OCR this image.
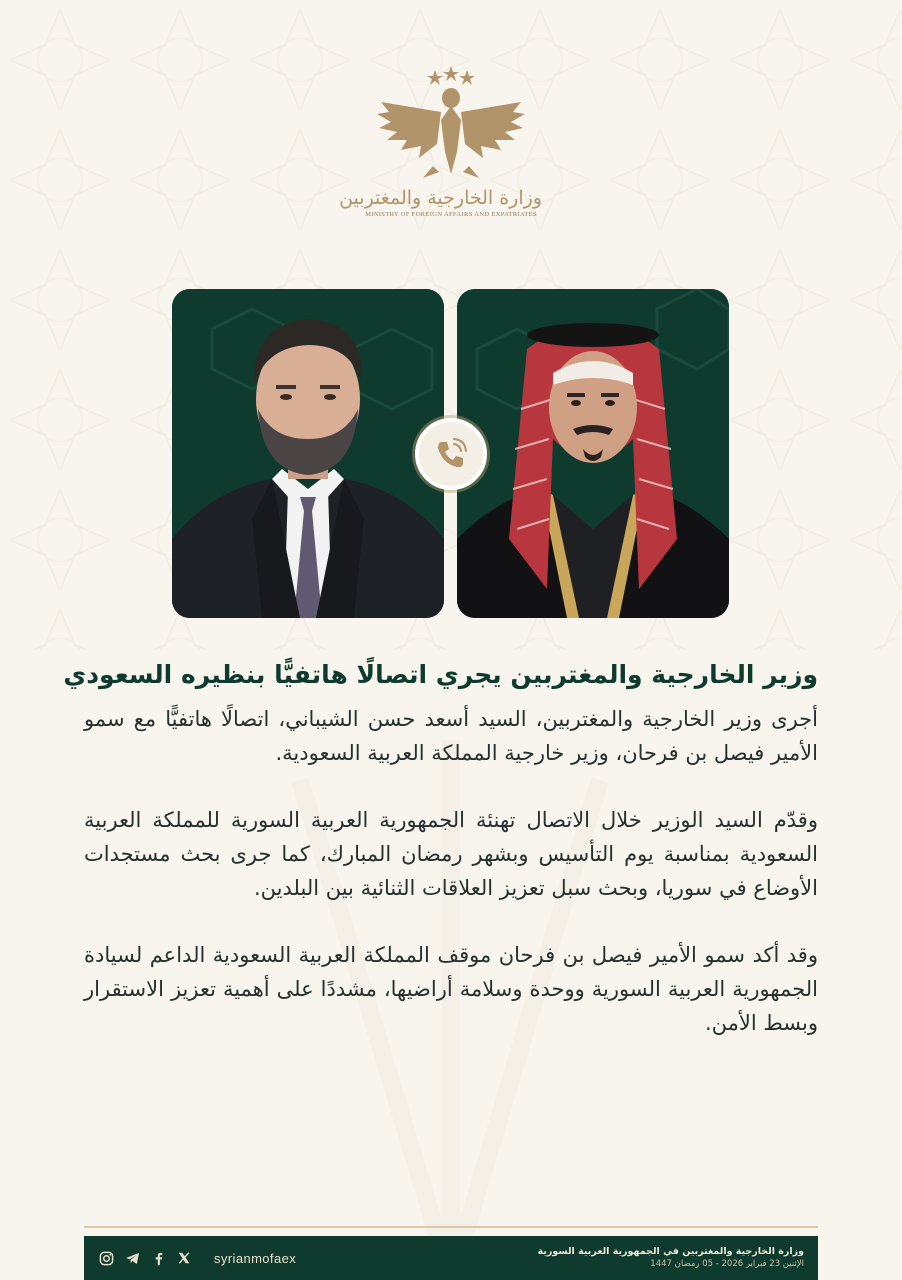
وزارة الخارجية والمغتربين
MINISTRY OF FOREIGN AFFAIRS AND EXPATRIATES
وزير الخارجية والمغتربين يجري اتصالًا هاتفيًّا بنظيره السعودي

أجرى وزير الخارجية والمغتربين، السيد أسعد حسن الشيباني، اتصالًا هاتفيًّا مع سمو الأمير فيصل بن فرحان، وزير خارجية المملكة العربية السعودية.

وقدّم السيد الوزير خلال الاتصال تهنئة الجمهورية العربية السورية للمملكة العربية السعودية بمناسبة يوم التأسيس وبشهر رمضان المبارك، كما جرى بحث مستجدات الأوضاع في سوريا، وبحث سبل تعزيز العلاقات الثنائية بين البلدين.

وقد أكد سمو الأمير فيصل بن فرحان موقف المملكة العربية السعودية الداعم لسيادة الجمهورية العربية السورية ووحدة وسلامة أراضيها، مشددًا على أهمية تعزيز الاستقرار وبسط الأمن.

syrianmofaex	وزارة الخارجية والمغتربين في الجمهورية العربية السورية
الإثنين 23 فبراير 2026 - 05 رمضان 1447
